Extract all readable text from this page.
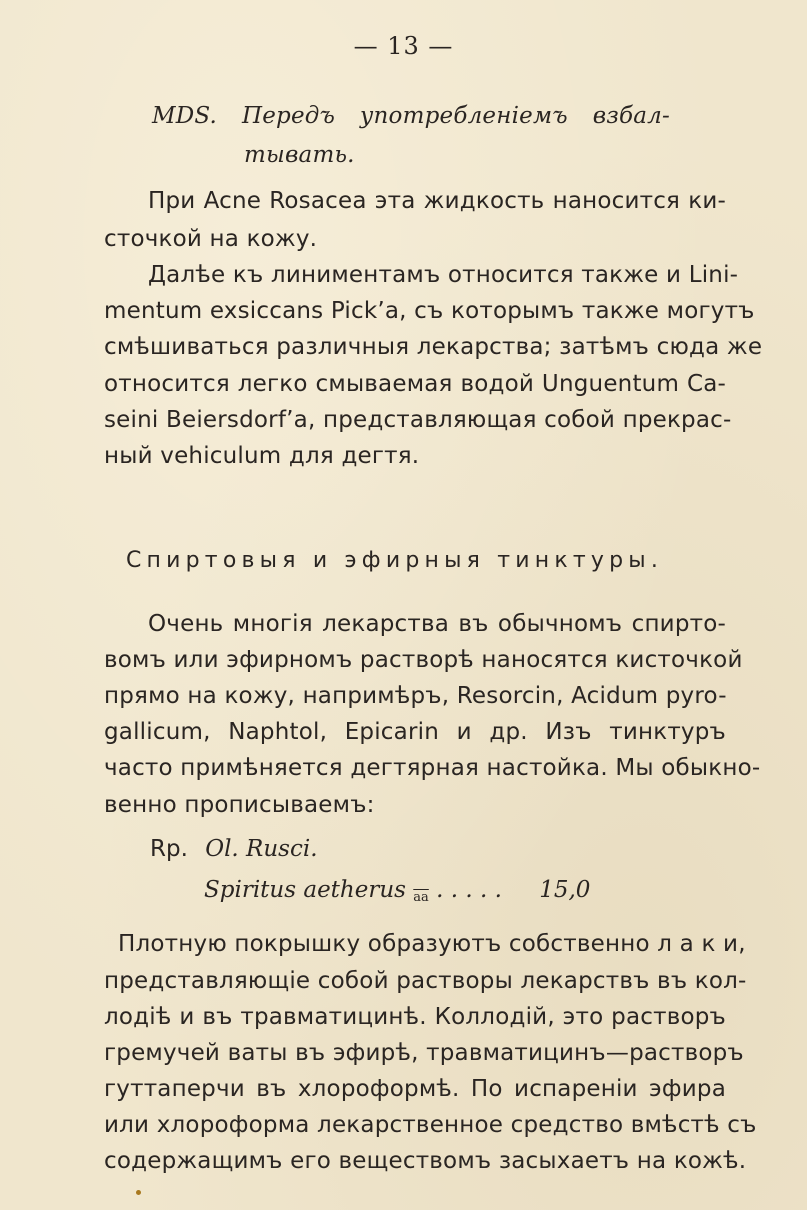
— 13 —
MDS. Передъ употребленіемъ взбал-
тывать.
При Acne Rosacea эта жидкость наносится ки-
сточкой на кожу.
Далѣе къ линиментамъ относится также и Lini-
mentum exsiccans Pick’a, съ которымъ также могутъ
смѣшиваться различныя лекарства; затѣмъ сюда же
относится легко смываемая водой Unguentum Ca-
seini Beiersdorf’a, представляющая собой прекрас-
ный vehiculum для дегтя.
Спиртовыя и эфирныя тинктуры.
Очень многія лекарства въ обычномъ спирто-
вомъ или эфирномъ растворѣ наносятся кисточкой
прямо на кожу, напримѣръ, Resorcin, Acidum pyro-
gallicum, Naphtol, Epicarin и др. Изъ тинктуръ
часто примѣняется дегтярная настойка. Мы обыкно-
венно прописываемъ:
Rp. Ol. Rusci.
Spiritus aetherus $\overline{aa}$ . . . . . 15,0
Плотную покрышку образуютъ собственно л а к и,
представляющіе собой растворы лекарствъ въ кол-
лодіѣ и въ травматицинѣ. Коллодій, это растворъ
гремучей ваты въ эфирѣ, травматицинъ—растворъ
гуттаперчи въ хлороформѣ. По испареніи эфира
или хлороформа лекарственное средство вмѣстѣ съ
содержащимъ его веществомъ засыхаетъ на кожѣ.
